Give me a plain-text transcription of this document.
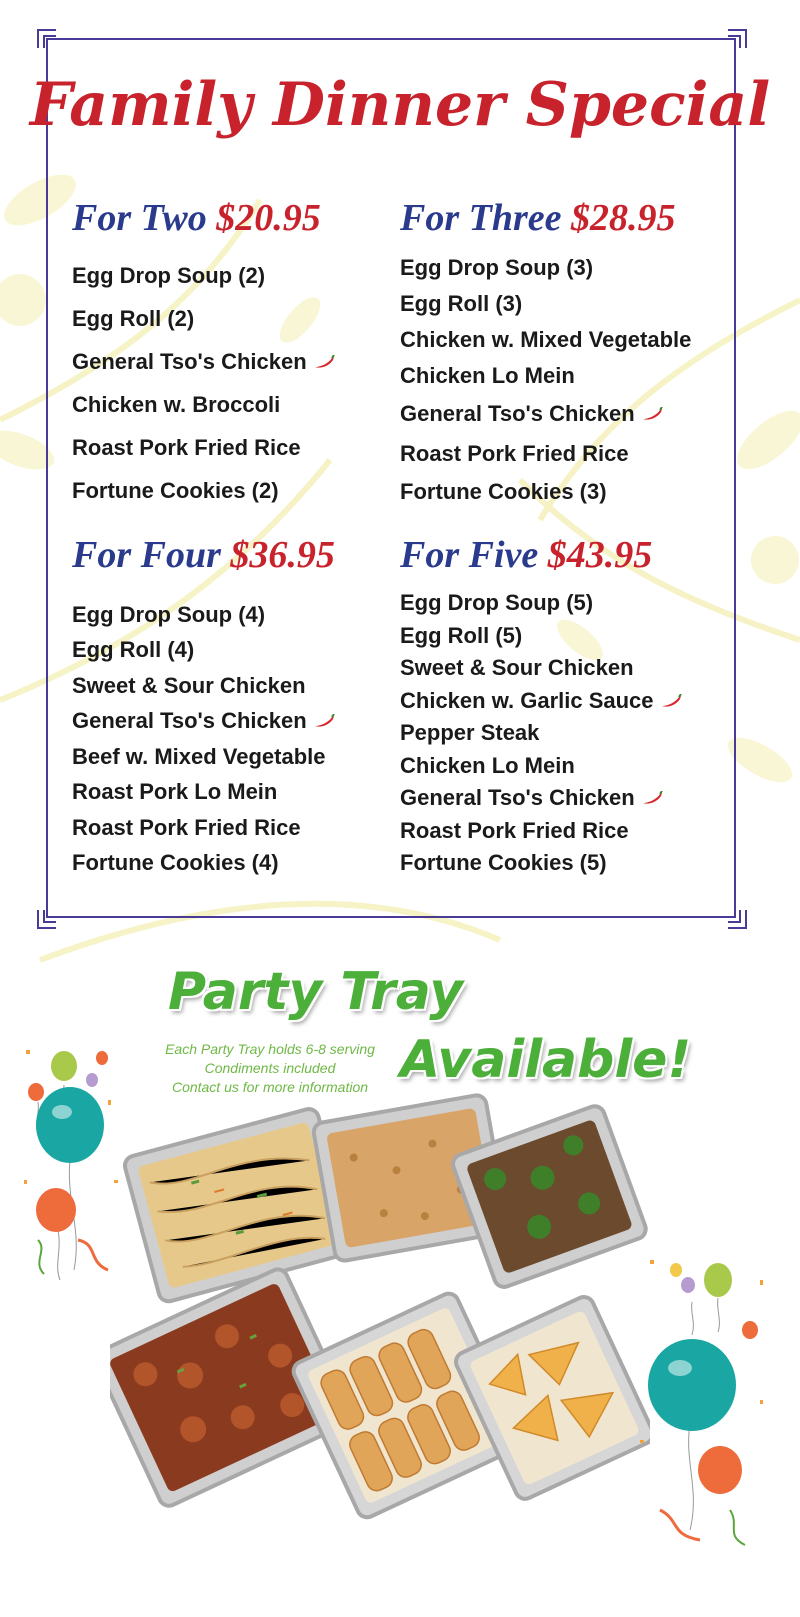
Family Dinner Special
For Two $20.95
Egg Drop Soup (2)
Egg Roll (2)
General Tso's Chicken
Chicken w. Broccoli
Roast Pork Fried Rice
Fortune Cookies (2)
For Three $28.95
Egg Drop Soup (3)
Egg Roll (3)
Chicken w. Mixed Vegetable
Chicken Lo Mein
General Tso's Chicken
Roast Pork Fried Rice
Fortune Cookies (3)
For Four $36.95
Egg Drop Soup (4)
Egg Roll (4)
Sweet & Sour Chicken
General Tso's Chicken
Beef w. Mixed Vegetable
Roast Pork Lo Mein
Roast Pork Fried Rice
Fortune Cookies (4)
For Five $43.95
Egg Drop Soup (5)
Egg Roll (5)
Sweet & Sour Chicken
Chicken w. Garlic Sauce
Pepper Steak
Chicken Lo Mein
General Tso's Chicken
Roast Pork Fried Rice
Fortune Cookies (5)
Party Tray
Available!
Each Party Tray holds 6-8 serving
Condiments included
Contact us for more information
